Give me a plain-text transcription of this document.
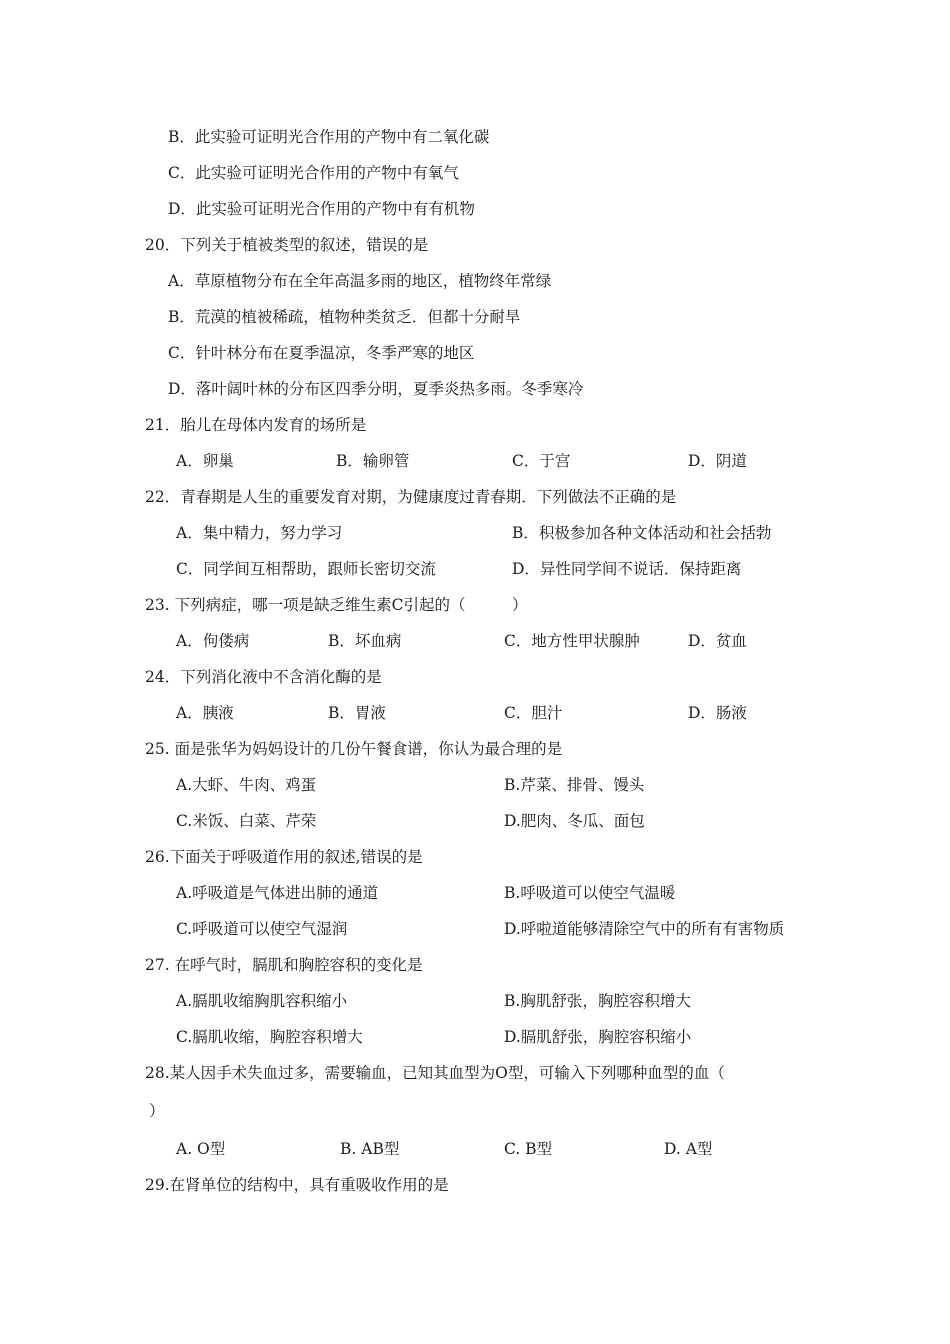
B．此实验可证明光合作用的产物中有二氧化碳
C．此实验可证明光合作用的产物中有氧气
D．此实验可证明光合作用的产物中有有机物
20．下列关于植被类型的叙述，错误的是
A．草原植物分布在全年高温多雨的地区，植物终年常绿
B．荒漠的植被稀疏，植物种类贫乏．但都十分耐旱
C．针叶林分布在夏季温凉，冬季严寒的地区
D．落叶阔叶林的分布区四季分明，夏季炎热多雨。冬季寒冷
21．胎儿在母体内发育的场所是
A．卵巢	B．输卵管	C．于宫	D．阴道
22．青春期是人生的重要发育对期，为健康度过青春期．下列做法不正确的是
A．集中精力，努力学习	B．积极参加各种文体活动和社会括勃
C．同学间互相帮助，跟师长密切交流	D．异性同学间不说话．保持距离
23. 下列病症，哪一项是缺乏维生素C引起的（　　　）
A．佝偻病	B．坏血病	C．地方性甲状腺肿	D．贫血
24．下列消化液中不含消化酶的是
A．胰液	B．胃液	C．胆汁	D．肠液
25. 面是张华为妈妈设计的几份午餐食谱，你认为最合理的是
A.大虾、牛肉、鸡蛋	B.芹菜、排骨、馒头
C.米饭、白菜、芹荣	D.肥肉、冬瓜、面包
26.下面关于呼吸道作用的叙述,错误的是
A.呼吸道是气体进出肺的通道	B.呼吸道可以使空气温暖
C.呼吸道可以使空气湿润	D.呼啦道能够清除空气中的所有有害物质
27. 在呼气时，膈肌和胸腔容积的变化是
A.膈肌收缩胸肌容积缩小	B.胸肌舒张，胸腔容积增大
C.膈肌收缩，胸腔容积增大	D.膈肌舒张，胸腔容积缩小
28.某人因手术失血过多，需要输血，已知其血型为O型，可输入下列哪种血型的血（
）
A. O型	B. AB型	C. B型	D. A型
29.在肾单位的结构中，具有重吸收作用的是
